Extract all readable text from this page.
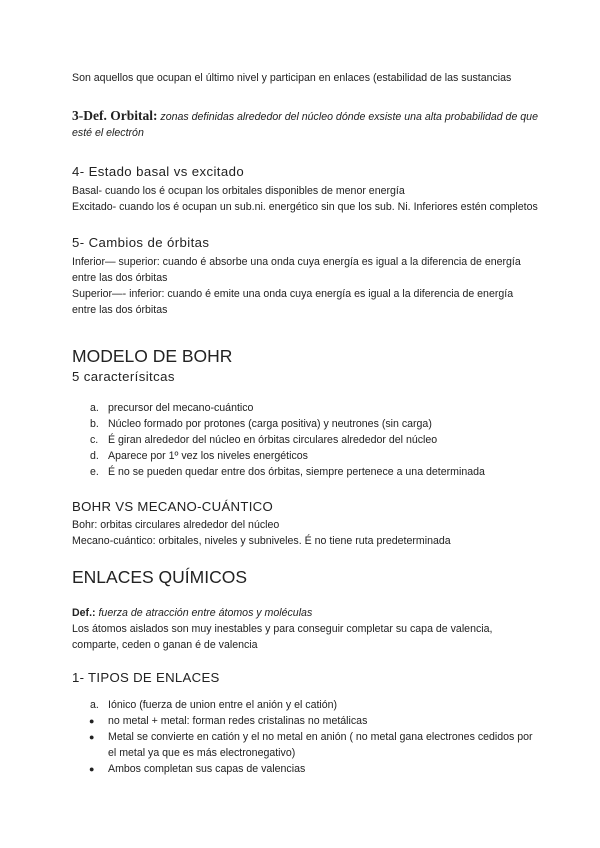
Son aquellos que ocupan el último nivel y participan en enlaces (estabilidad de las sustancias

3-Def. Orbital: zonas definidas alrededor del núcleo dónde exsiste una alta probabilidad de que esté el electrón

4- Estado basal vs excitado

Basal- cuando los é ocupan los orbitales disponibles de menor energía

Excitado- cuando los é ocupan un sub.ni. energético sin que los sub. Ni. Inferiores estén completos

5- Cambios de órbitas

Inferior— superior: cuando é absorbe una onda cuya energía es igual a la diferencia de energía entre las dos órbitas

Superior—- inferior: cuando é emite una onda cuya energía es igual a la diferencia de energía entre las dos órbitas

MODELO DE BOHR

5 caracterísitcas

a. precursor del mecano-cuántico
b. Núcleo formado por protones (carga positiva) y neutrones (sin carga)
c. É giran alrededor del núcleo en órbitas circulares alrededor del núcleo
d. Aparece por 1º vez los niveles energéticos
e. É no se pueden quedar entre dos órbitas, siempre pertenece a una determinada

BOHR VS MECANO-CUÁNTICO

Bohr: orbitas circulares alrededor del núcleo

Mecano-cuántico: orbitales, niveles y subniveles. É no tiene ruta predeterminada

ENLACES QUÍMICOS

Def.: fuerza de atracción entre átomos y moléculas

Los átomos aislados son muy inestables y para conseguir completar su capa de valencia, comparte, ceden o ganan é de valencia

1- TIPOS DE ENLACES

a. Iónico (fuerza de union entre el anión y el catión)
● no metal + metal: forman redes cristalinas no metálicas
● Metal se convierte en catión y el no metal en anión ( no metal gana electrones cedidos por el metal ya que es más electronegativo)
● Ambos completan sus capas de valencias
